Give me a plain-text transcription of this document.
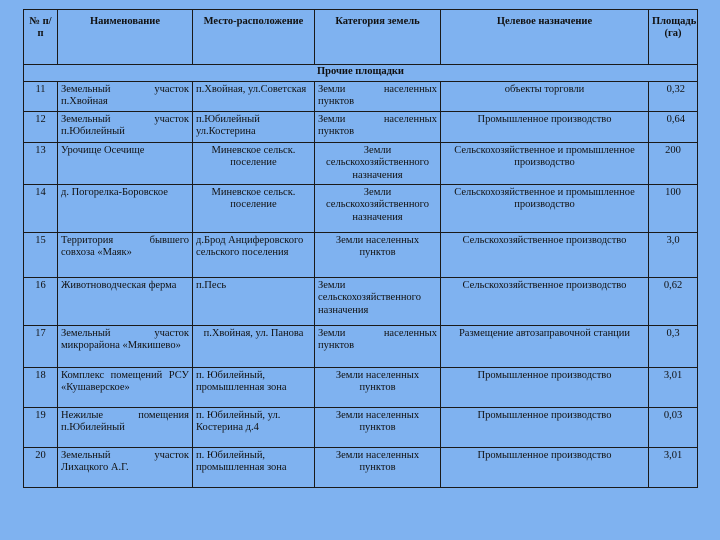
№ п/п	Наименование	Место-расположение	Категория земель	Целевое назначение	Площадь (га)
Прочие площадки					
11	Земельный участок п.Хвойная	п.Хвойная, ул.Советская	Земли населенных пунктов	объекты торговли	0,32
12	Земельный участок п.Юбилейный	п.Юбилейный ул.Костерина	Земли населенных пунктов	Промышленное производство	0,64
13	Урочище Осечище	Миневское сельск. поселение	Земли сельскохозяйственного назначения	Сельскохозяйственное и промышленное производство	200
14	д. Погорелка-Боровское	Миневское сельск. поселение	Земли сельскохозяйственного назначения	Сельскохозяйственное и промышленное производство	100
15	Территория бывшего совхоза «Маяк»	д.Брод Анциферовского сельского поселения	Земли населенных пунктов	Сельскохозяйственное производство	3,0
16	Животноводческая ферма	п.Песь	Земли сельскохозяйственного назначения	Сельскохозяйственное производство	0,62
17	Земельный участок микрорайона «Мякишево»	п.Хвойная, ул. Панова	Земли населенных пунктов	Размещение автозаправочной станции	0,3
18	Комплекс помещений РСУ «Кушаверское»	п. Юбилейный, промышленная зона	Земли населенных пунктов	Промышленное производство	3,01
19	Нежилые помещения п.Юбилейный	п. Юбилейный, ул. Костерина д.4	Земли населенных пунктов	Промышленное производство	0,03
20	Земельный участок Лихацкого А.Г.	п. Юбилейный, промышленная зона	Земли населенных пунктов	Промышленное производство	3,01
